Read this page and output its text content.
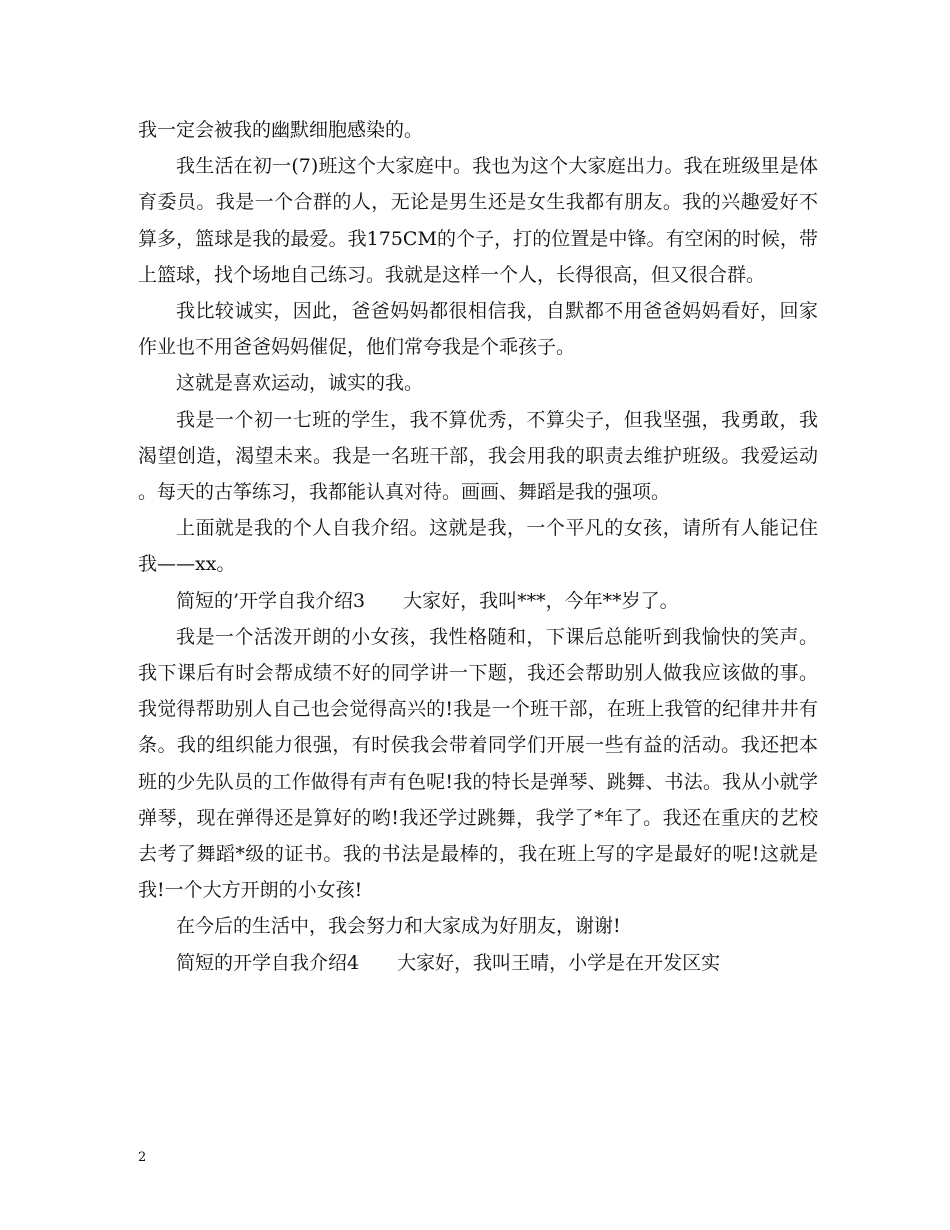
我一定会被我的幽默细胞感染的。

我生活在初一(7)班这个大家庭中。我也为这个大家庭出力。我在班级里是体育委员。我是一个合群的人，无论是男生还是女生我都有朋友。我的兴趣爱好不算多，篮球是我的最爱。我175CM的个子，打的位置是中锋。有空闲的时候，带上篮球，找个场地自己练习。我就是这样一个人，长得很高，但又很合群。

我比较诚实，因此，爸爸妈妈都很相信我，自默都不用爸爸妈妈看好，回家作业也不用爸爸妈妈催促，他们常夸我是个乖孩子。

这就是喜欢运动，诚实的我。

我是一个初一七班的学生，我不算优秀，不算尖子，但我坚强，我勇敢，我渴望创造，渴望未来。我是一名班干部，我会用我的职责去维护班级。我爱运动。每天的古筝练习，我都能认真对待。画画、舞蹈是我的强项。

上面就是我的个人自我介绍。这就是我，一个平凡的女孩，请所有人能记住我——xx。

简短的’开学自我介绍3　　大家好，我叫***，今年**岁了。

我是一个活泼开朗的小女孩，我性格随和，下课后总能听到我愉快的笑声。我下课后有时会帮成绩不好的同学讲一下题，我还会帮助别人做我应该做的事。我觉得帮助别人自己也会觉得高兴的!我是一个班干部，在班上我管的纪律井井有条。我的组织能力很强，有时侯我会带着同学们开展一些有益的活动。我还把本班的少先队员的工作做得有声有色呢!我的特长是弹琴、跳舞、书法。我从小就学弹琴，现在弹得还是算好的哟!我还学过跳舞，我学了*年了。我还在重庆的艺校去考了舞蹈*级的证书。我的书法是最棒的，我在班上写的字是最好的呢!这就是我!一个大方开朗的小女孩!

在今后的生活中，我会努力和大家成为好朋友，谢谢!

简短的开学自我介绍4　　大家好，我叫王晴，小学是在开发区实

2
